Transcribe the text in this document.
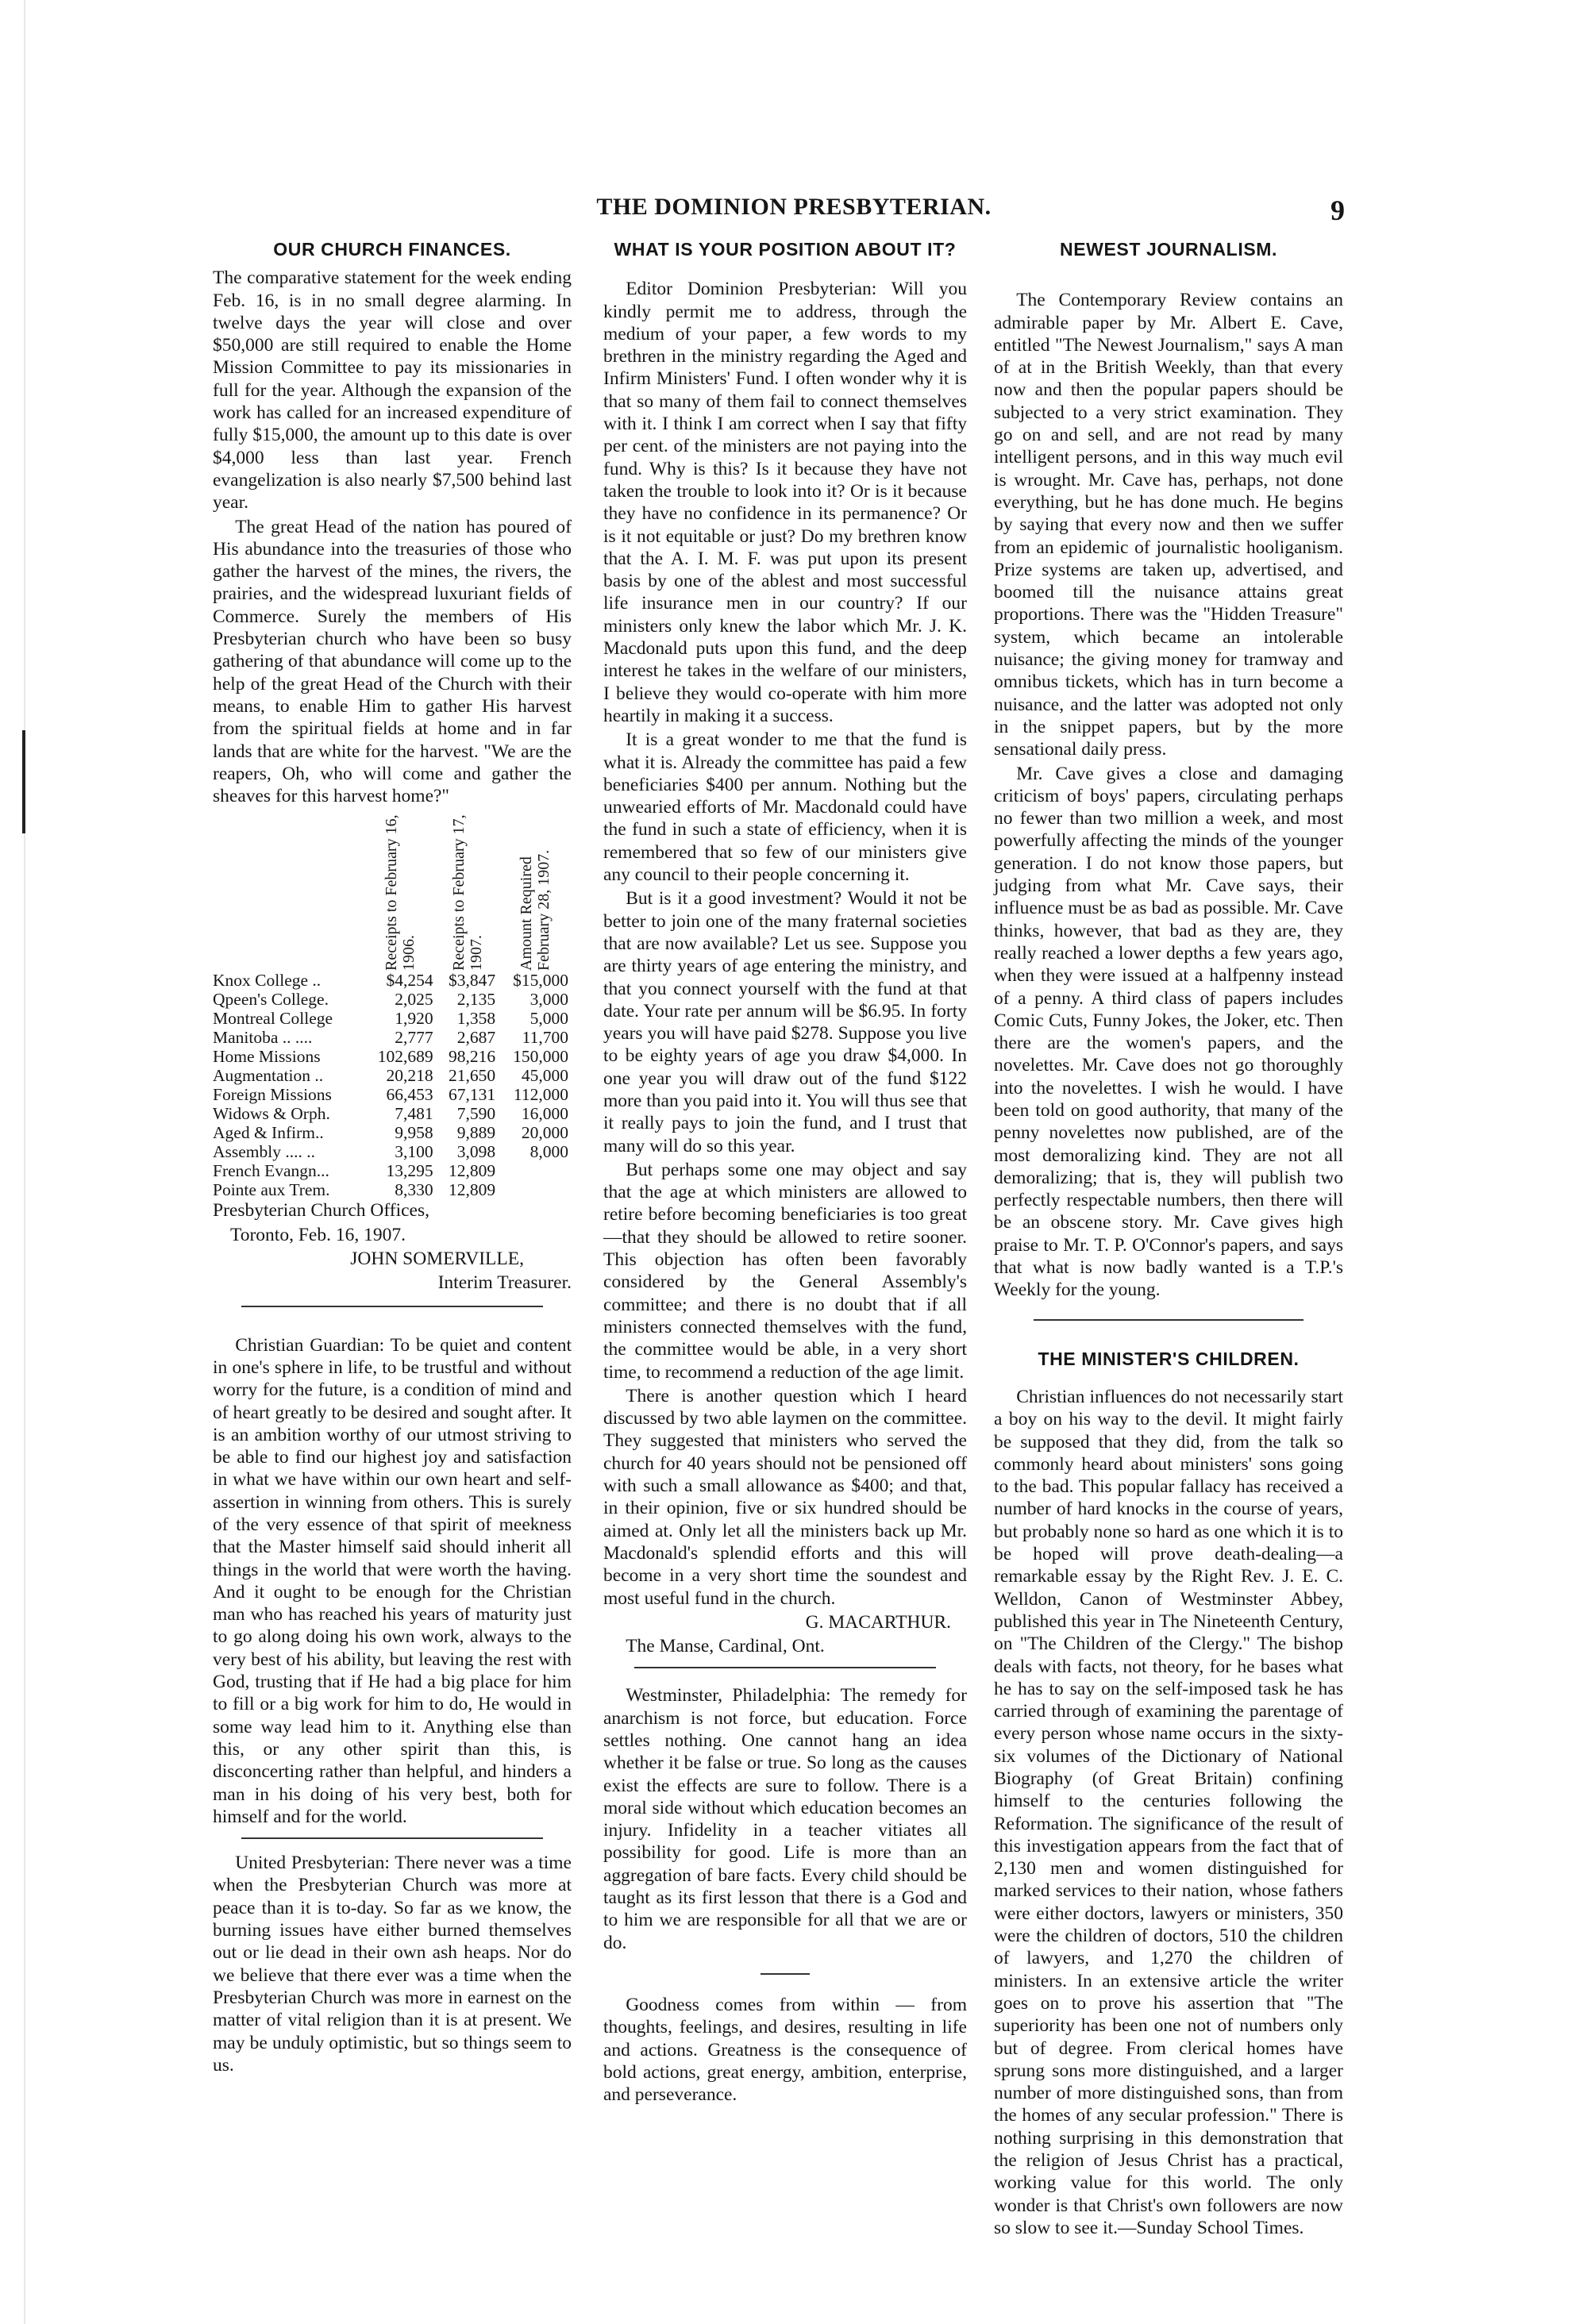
THE DOMINION PRESBYTERIAN.	9
OUR CHURCH FINANCES.

The comparative statement for the week ending Feb. 16, is in no small degree alarming. In twelve days the year will close and over $50,000 are still required to enable the Home Mission Committee to pay its missionaries in full for the year. Although the expansion of the work has called for an increased expenditure of fully $15,000, the amount up to this date is over $4,000 less than last year. French evangelization is also nearly $7,500 behind last year.

The great Head of the nation has poured of His abundance into the treasuries of those who gather the harvest of the mines, the rivers, the prairies, and the widespread luxuriant fields of Commerce. Surely the members of His Presbyterian church who have been so busy gathering of that abundance will come up to the help of the great Head of the Church with their means, to enable Him to gather His harvest from the spiritual fields at home and in far lands that are white for the harvest. "We are the reapers, Oh, who will come and gather the sheaves for this harvest home?"

	Receipts to February 16, 1906.	Receipts to February 17, 1907.	Amount Required February 28, 1907.

Knox College ..	$4,254	$3,847	$15,000
Qpeen's College.	2,025	2,135	3,000
Montreal College	1,920	1,358	5,000
Manitoba .. ....	2,777	2,687	11,700
Home Missions	102,689	98,216	150,000
Augmentation ..	20,218	21,650	45,000
Foreign Missions	66,453	67,131	112,000
Widows & Orph.	7,481	7,590	16,000
Aged & Infirm..	9,958	9,889	20,000
Assembly .... ..	3,100	3,098	8,000
French Evangn...	13,295	12,809	
Pointe aux Trem.	8,330	12,809	

Presbyterian Church Offices,

Toronto, Feb. 16, 1907.

JOHN SOMERVILLE,

Interim Treasurer.

Christian Guardian: To be quiet and content in one's sphere in life, to be trustful and without worry for the future, is a condition of mind and of heart greatly to be desired and sought after. It is an ambition worthy of our utmost striving to be able to find our highest joy and satisfaction in what we have within our own heart and self-assertion in winning from others. This is surely of the very essence of that spirit of meekness that the Master himself said should inherit all things in the world that were worth the having. And it ought to be enough for the Christian man who has reached his years of maturity just to go along doing his own work, always to the very best of his ability, but leaving the rest with God, trusting that if He had a big place for him to fill or a big work for him to do, He would in some way lead him to it. Anything else than this, or any other spirit than this, is disconcerting rather than helpful, and hinders a man in his doing of his very best, both for himself and for the world.

United Presbyterian: There never was a time when the Presbyterian Church was more at peace than it is to-day. So far as we know, the burning issues have either burned themselves out or lie dead in their own ash heaps. Nor do we believe that there ever was a time when the Presbyterian Church was more in earnest on the matter of vital religion than it is at present. We may be unduly optimistic, but so things seem to us.

WHAT IS YOUR POSITION ABOUT IT?

Editor Dominion Presbyterian: Will you kindly permit me to address, through the medium of your paper, a few words to my brethren in the ministry regarding the Aged and Infirm Ministers' Fund. I often wonder why it is that so many of them fail to connect themselves with it. I think I am correct when I say that fifty per cent. of the ministers are not paying into the fund. Why is this? Is it because they have not taken the trouble to look into it? Or is it because they have no confidence in its permanence? Or is it not equitable or just? Do my brethren know that the A. I. M. F. was put upon its present basis by one of the ablest and most successful life insurance men in our country? If our ministers only knew the labor which Mr. J. K. Macdonald puts upon this fund, and the deep interest he takes in the welfare of our ministers, I believe they would co-operate with him more heartily in making it a success.

It is a great wonder to me that the fund is what it is. Already the committee has paid a few beneficiaries $400 per annum. Nothing but the unwearied efforts of Mr. Macdonald could have the fund in such a state of efficiency, when it is remembered that so few of our ministers give any council to their people concerning it.

But is it a good investment? Would it not be better to join one of the many fraternal societies that are now available? Let us see. Suppose you are thirty years of age entering the ministry, and that you connect yourself with the fund at that date. Your rate per annum will be $6.95. In forty years you will have paid $278. Suppose you live to be eighty years of age you draw $4,000. In one year you will draw out of the fund $122 more than you paid into it. You will thus see that it really pays to join the fund, and I trust that many will do so this year.

But perhaps some one may object and say that the age at which ministers are allowed to retire before becoming beneficiaries is too great—that they should be allowed to retire sooner. This objection has often been favorably considered by the General Assembly's committee; and there is no doubt that if all ministers connected themselves with the fund, the committee would be able, in a very short time, to recommend a reduction of the age limit.

There is another question which I heard discussed by two able laymen on the committee. They suggested that ministers who served the church for 40 years should not be pensioned off with such a small allowance as $400; and that, in their opinion, five or six hundred should be aimed at. Only let all the ministers back up Mr. Macdonald's splendid efforts and this will become in a very short time the soundest and most useful fund in the church.

G. MACARTHUR.

The Manse, Cardinal, Ont.

Westminster, Philadelphia: The remedy for anarchism is not force, but education. Force settles nothing. One cannot hang an idea whether it be false or true. So long as the causes exist the effects are sure to follow. There is a moral side without which education becomes an injury. Infidelity in a teacher vitiates all possibility for good. Life is more than an aggregation of bare facts. Every child should be taught as its first lesson that there is a God and to him we are responsible for all that we are or do.

Goodness comes from within — from thoughts, feelings, and desires, resulting in life and actions. Greatness is the consequence of bold actions, great energy, ambition, enterprise, and perseverance.

NEWEST JOURNALISM.

The Contemporary Review contains an admirable paper by Mr. Albert E. Cave, entitled "The Newest Journalism," says A man of at in the British Weekly, than that every now and then the popular papers should be subjected to a very strict examination. They go on and sell, and are not read by many intelligent persons, and in this way much evil is wrought. Mr. Cave has, perhaps, not done everything, but he has done much. He begins by saying that every now and then we suffer from an epidemic of journalistic hooliganism. Prize systems are taken up, advertised, and boomed till the nuisance attains great proportions. There was the "Hidden Treasure" system, which became an intolerable nuisance; the giving money for tramway and omnibus tickets, which has in turn become a nuisance, and the latter was adopted not only in the snippet papers, but by the more sensational daily press.

Mr. Cave gives a close and damaging criticism of boys' papers, circulating perhaps no fewer than two million a week, and most powerfully affecting the minds of the younger generation. I do not know those papers, but judging from what Mr. Cave says, their influence must be as bad as possible. Mr. Cave thinks, however, that bad as they are, they really reached a lower depths a few years ago, when they were issued at a halfpenny instead of a penny. A third class of papers includes Comic Cuts, Funny Jokes, the Joker, etc. Then there are the women's papers, and the novelettes. Mr. Cave does not go thoroughly into the novelettes. I wish he would. I have been told on good authority, that many of the penny novelettes now published, are of the most demoralizing kind. They are not all demoralizing; that is, they will publish two perfectly respectable numbers, then there will be an obscene story. Mr. Cave gives high praise to Mr. T. P. O'Connor's papers, and says that what is now badly wanted is a T.P.'s Weekly for the young.

THE MINISTER'S CHILDREN.

Christian influences do not necessarily start a boy on his way to the devil. It might fairly be supposed that they did, from the talk so commonly heard about ministers' sons going to the bad. This popular fallacy has received a number of hard knocks in the course of years, but probably none so hard as one which it is to be hoped will prove death-dealing—a remarkable essay by the Right Rev. J. E. C. Welldon, Canon of Westminster Abbey, published this year in The Nineteenth Century, on "The Children of the Clergy." The bishop deals with facts, not theory, for he bases what he has to say on the self-imposed task he has carried through of examining the parentage of every person whose name occurs in the sixty-six volumes of the Dictionary of National Biography (of Great Britain) confining himself to the centuries following the Reformation. The significance of the result of this investigation appears from the fact that of 2,130 men and women distinguished for marked services to their nation, whose fathers were either doctors, lawyers or ministers, 350 were the children of doctors, 510 the children of lawyers, and 1,270 the children of ministers. In an extensive article the writer goes on to prove his assertion that "The superiority has been one not of numbers only but of degree. From clerical homes have sprung sons more distinguished, and a larger number of more distinguished sons, than from the homes of any secular profession." There is nothing surprising in this demonstration that the religion of Jesus Christ has a practical, working value for this world. The only wonder is that Christ's own followers are now so slow to see it.—Sunday School Times.
